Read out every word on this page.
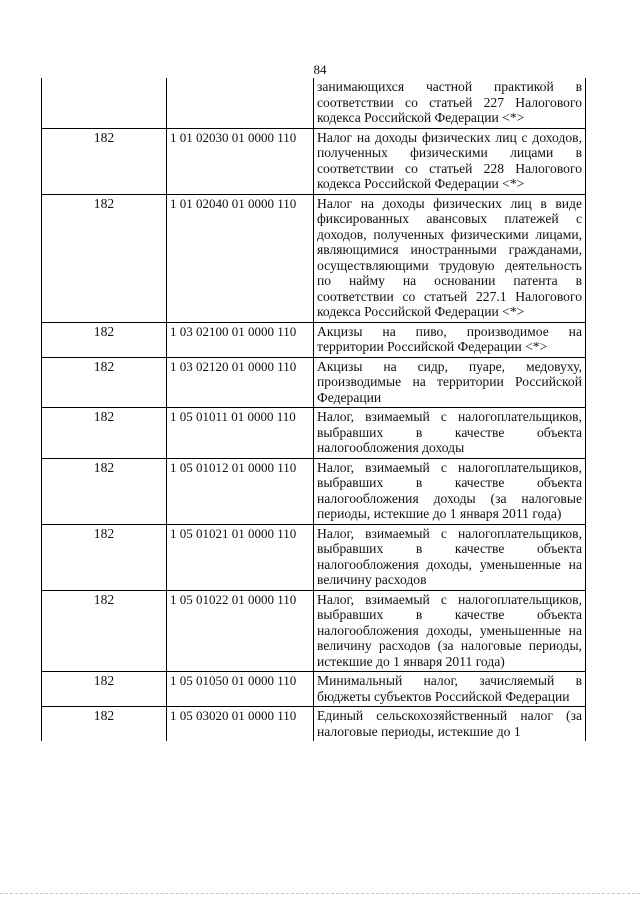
84
		занимающихся частной практикой в соответствии со статьей 227 Налогового кодекса Российской Федерации <*>
182	1 01 02030 01 0000 110	Налог на доходы физических лиц с доходов, полученных физическими лицами в соответствии со статьей 228 Налогового кодекса Российской Федерации <*>
182	1 01 02040 01 0000 110	Налог на доходы физических лиц в виде фиксированных авансовых платежей с доходов, полученных физическими лицами, являющимися иностранными гражданами, осуществляющими трудовую деятельность по найму на основании патента в соответствии со статьей 227.1 Налогового кодекса Российской Федерации <*>
182	1 03 02100 01 0000 110	Акцизы на пиво, производимое на территории Российской Федерации <*>
182	1 03 02120 01 0000 110	Акцизы на сидр, пуаре, медовуху, производимые на территории Российской Федерации
182	1 05 01011 01 0000 110	Налог, взимаемый с налогоплательщиков, выбравших в качестве объекта налогообложения доходы
182	1 05 01012 01 0000 110	Налог, взимаемый с налогоплательщиков, выбравших в качестве объекта налогообложения доходы (за налоговые периоды, истекшие до 1 января 2011 года)
182	1 05 01021 01 0000 110	Налог, взимаемый с налогоплательщиков, выбравших в качестве объекта налогообложения доходы, уменьшенные на величину расходов
182	1 05 01022 01 0000 110	Налог, взимаемый с налогоплательщиков, выбравших в качестве объекта налогообложения доходы, уменьшенные на величину расходов (за налоговые периоды, истекшие до 1 января 2011 года)
182	1 05 01050 01 0000 110	Минимальный налог, зачисляемый в бюджеты субъектов Российской Федерации
182	1 05 03020 01 0000 110	Единый сельскохозяйственный налог (за налоговые периоды, истекшие до 1
